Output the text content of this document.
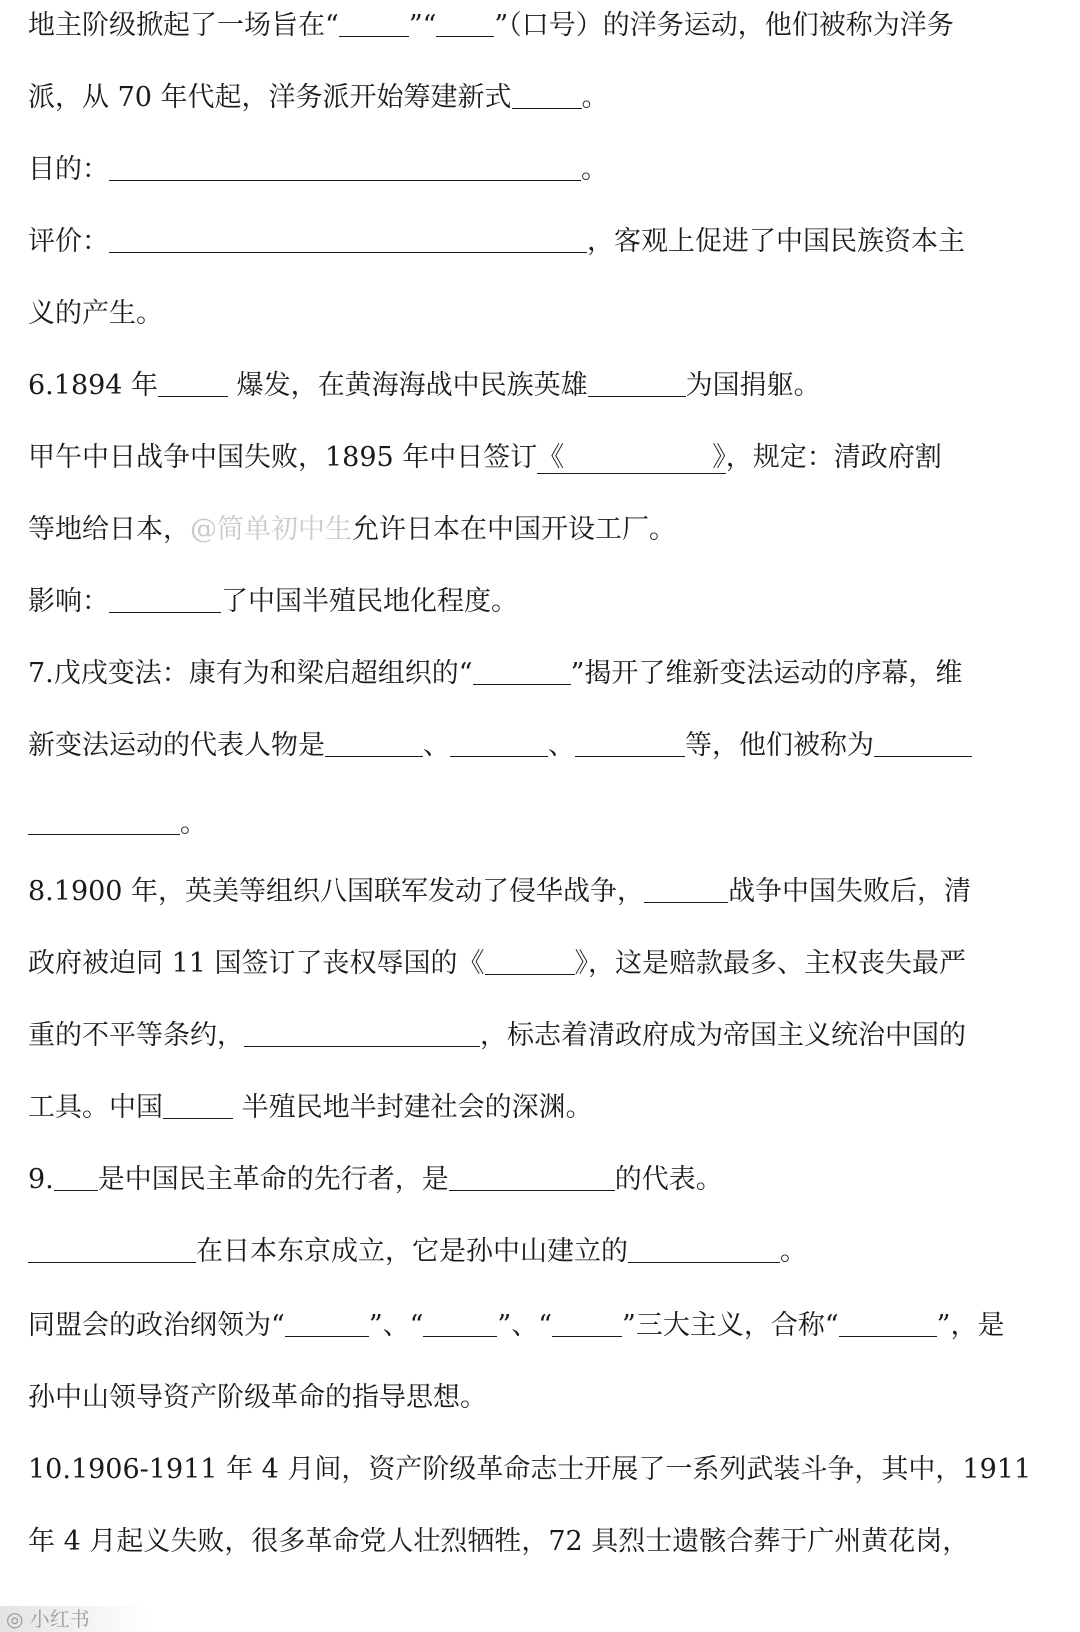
地主阶级掀起了一场旨在“	”“ ”（口号）的洋务运动，他们被称为洋务
派，从 70 年代起，洋务派开始筹建新式	。
目的：	。
评价：	，客观上促进了中国民族资本主
义的产生。
6.1894 年	爆发，在黄海海战中民族英雄	为国捐躯。
甲午中日战争中国失败，1895 年中日签订《	》，规定：清政府割
等地给日本，@简单初中生允许日本在中国开设工厂。
影响：	了中国半殖民地化程度。
7.戊戌变法：康有为和梁启超组织的“	”揭开了维新变法运动的序幕，维
新变法运动的代表人物是	、	、	等，他们被称为
。
8.1900 年，英美等组织八国联军发动了侵华战争，	战争中国失败后，清
政府被迫同 11 国签订了丧权辱国的《	》，这是赔款最多、主权丧失最严
重的不平等条约，	，标志着清政府成为帝国主义统治中国的
工具。中国	半殖民地半封建社会的深渊。
9. 是中国民主革命的先行者，是	的代表。
在日本东京成立，它是孙中山建立的	。
同盟会的政治纲领为“	”、“	”、“	”三大主义，合称“	”，是
孙中山领导资产阶级革命的指导思想。
10.1906-1911 年 4 月间，资产阶级革命志士开展了一系列武装斗争，其中，1911
年 4 月起义失败，很多革命党人壮烈牺牲，72 具烈士遗骸合葬于广州黄花岗，
◎ 小红书
